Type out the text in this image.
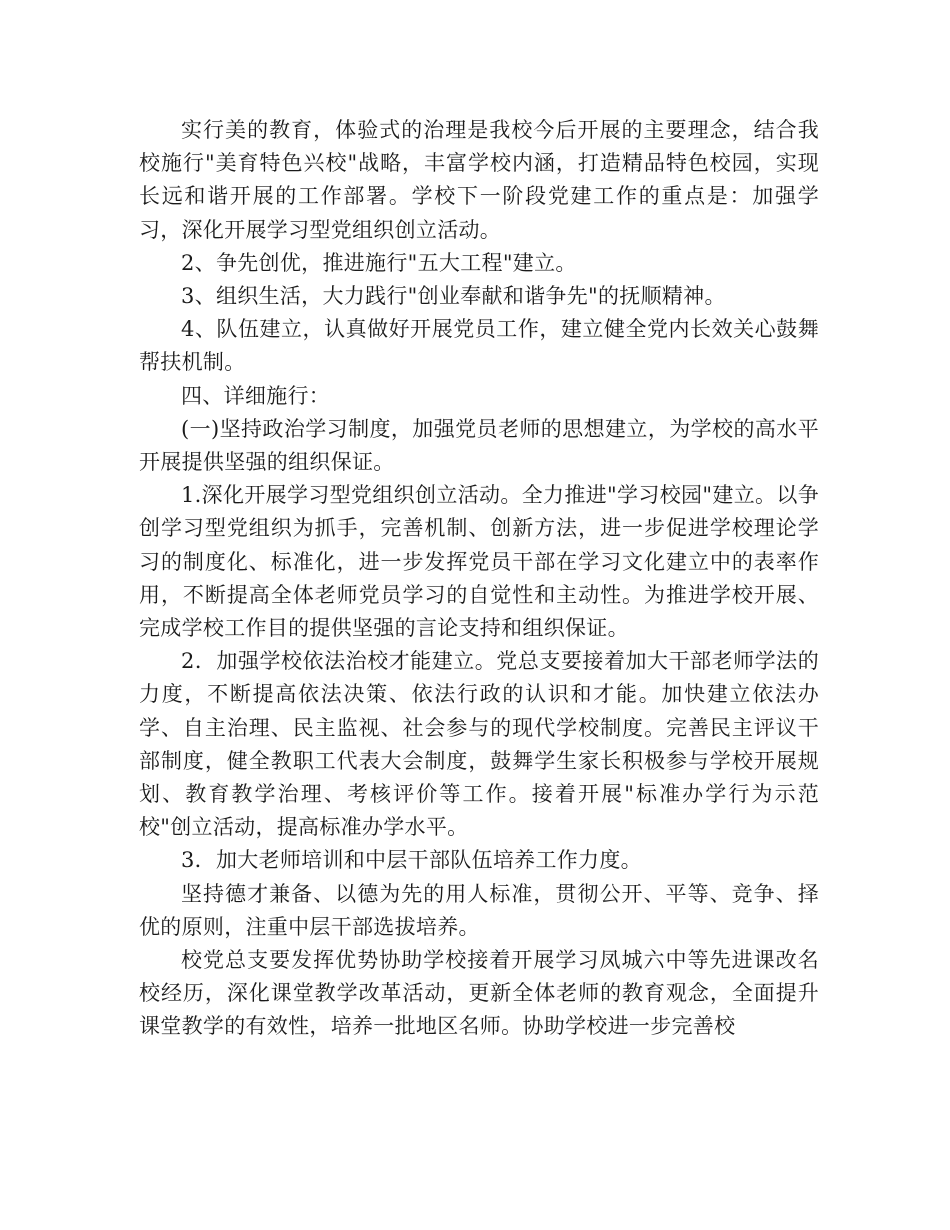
实行美的教育，体验式的治理是我校今后开展的主要理念，结合我校施行"美育特色兴校"战略，丰富学校内涵，打造精品特色校园，实现长远和谐开展的工作部署。学校下一阶段党建工作的重点是：加强学习，深化开展学习型党组织创立活动。

2、争先创优，推进施行"五大工程"建立。

3、组织生活，大力践行"创业奉献和谐争先"的抚顺精神。

4、队伍建立，认真做好开展党员工作，建立健全党内长效关心鼓舞帮扶机制。

四、详细施行：

(一)坚持政治学习制度，加强党员老师的思想建立，为学校的高水平开展提供坚强的组织保证。

1.深化开展学习型党组织创立活动。全力推进"学习校园"建立。以争创学习型党组织为抓手，完善机制、创新方法，进一步促进学校理论学习的制度化、标准化，进一步发挥党员干部在学习文化建立中的表率作用，不断提高全体老师党员学习的自觉性和主动性。为推进学校开展、完成学校工作目的提供坚强的言论支持和组织保证。

2．加强学校依法治校才能建立。党总支要接着加大干部老师学法的力度，不断提高依法决策、依法行政的认识和才能。加快建立依法办学、自主治理、民主监视、社会参与的现代学校制度。完善民主评议干部制度，健全教职工代表大会制度，鼓舞学生家长积极参与学校开展规划、教育教学治理、考核评价等工作。接着开展"标准办学行为示范校"创立活动，提高标准办学水平。

3．加大老师培训和中层干部队伍培养工作力度。

坚持德才兼备、以德为先的用人标准，贯彻公开、平等、竞争、择优的原则，注重中层干部选拔培养。

校党总支要发挥优势协助学校接着开展学习凤城六中等先进课改名校经历，深化课堂教学改革活动，更新全体老师的教育观念，全面提升课堂教学的有效性，培养一批地区名师。协助学校进一步完善校
